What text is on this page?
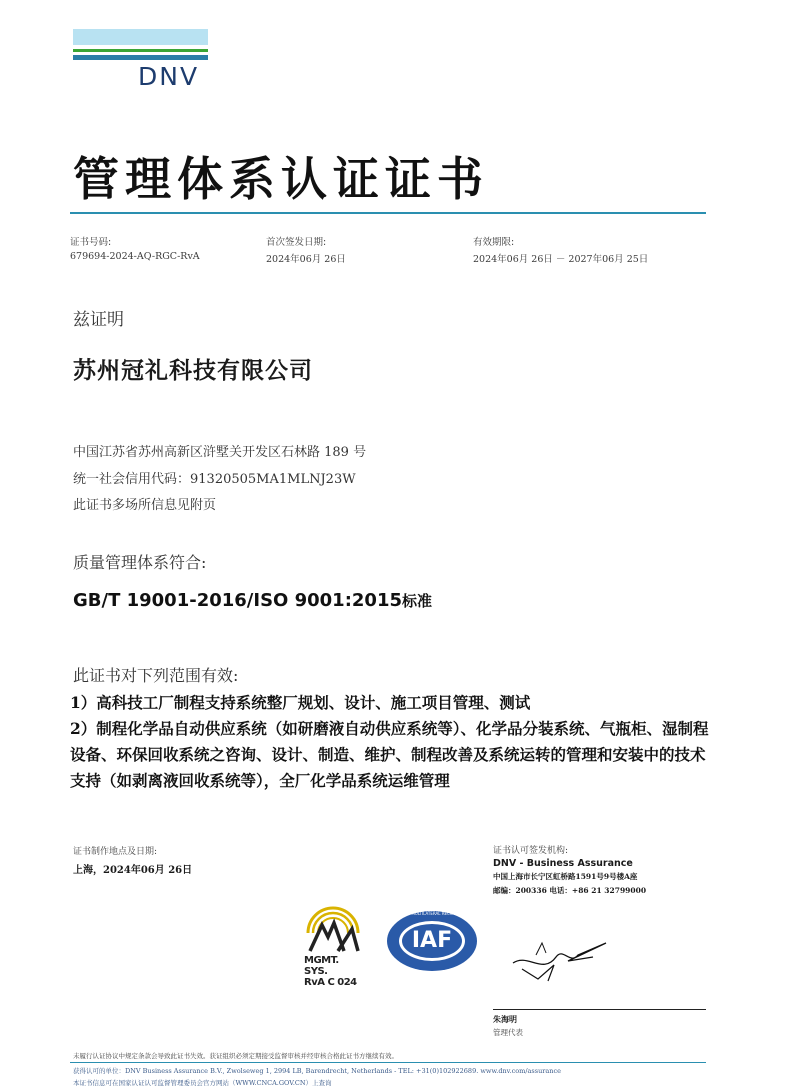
DNV
管理体系认证证书
证书号码:
679694-2024-AQ-RGC-RvA
首次签发日期:
2024年06月 26日
有效期限:
2024年06月 26日 － 2027年06月 25日
兹证明
苏州冠礼科技有限公司
中国江苏省苏州高新区浒墅关开发区石林路 189 号
统一社会信用代码：91320505MA1MLNJ23W
此证书多场所信息见附页
质量管理体系符合:
GB/T 19001-2016/ISO 9001:2015标准
此证书对下列范围有效:

1）高科技工厂制程支持系统整厂规划、设计、施工项目管理、测试

2）制程化学品自动供应系统（如研磨液自动供应系统等）、化学品分装系统、气瓶柜、湿制程设备、环保回收系统之咨询、设计、制造、维护、制程改善及系统运转的管理和安装中的技术支持（如剥离液回收系统等），全厂化学品系统运维管理

证书制作地点及日期:
上海，2024年06月 26日
证书认可签发机构:
DNV - Business Assurance
中国上海市长宁区虹桥路1591号9号楼A座
邮编：200336 电话：+86 21 32799000
MGMT. SYS.
RvA C 024
IAF
MEMBER OF MULTILATERAL RECOGNITION ARRANGEMENT
朱海明
管理代表
未履行认证协议中规定条款会导致此证书失效。获证组织必须定期接受监督审核并经审核合格此证书方继续有效。
获得认可的单位：DNV Business Assurance B.V., Zwolseweg 1, 2994 LB, Barendrecht, Netherlands - TEL: +31(0)102922689. www.dnv.com/assurance
本证书信息可在国家认证认可监督管理委员会官方网站（WWW.CNCA.GOV.CN）上查询
